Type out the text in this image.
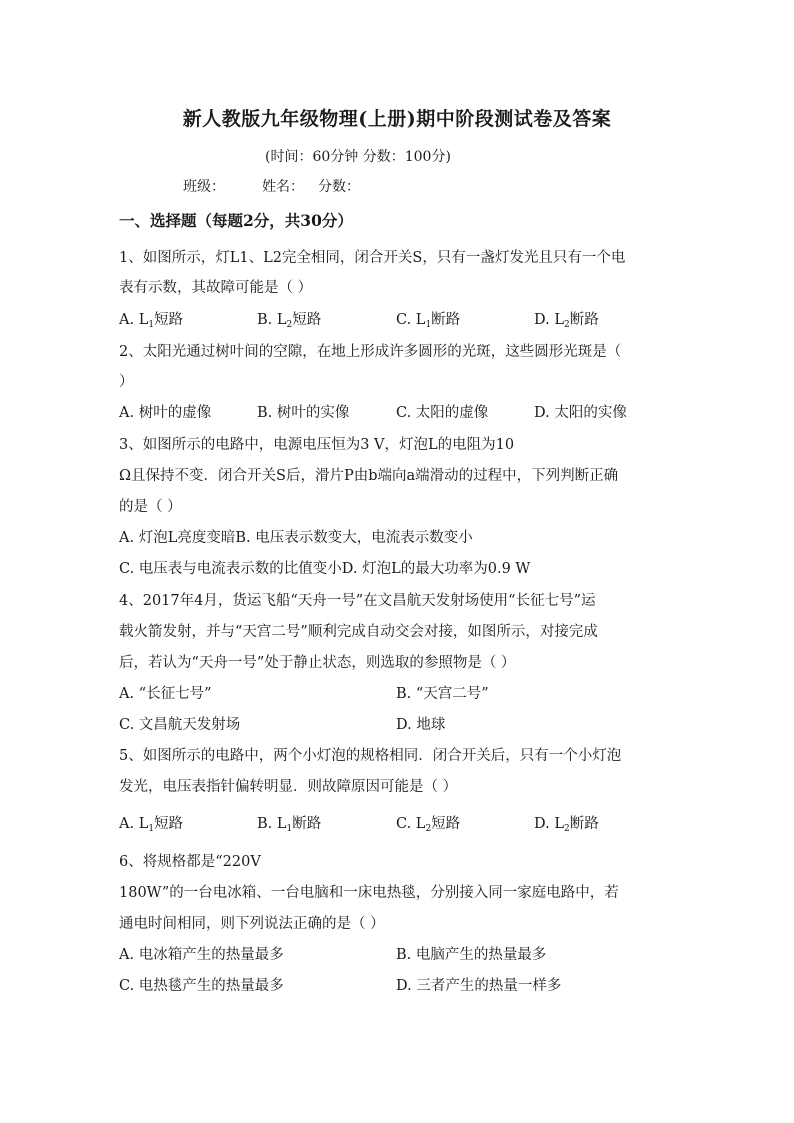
新人教版九年级物理(上册)期中阶段测试卷及答案
(时间：60分钟 分数：100分)
班级：	姓名： 分数：
一、选择题（每题2分，共30分）
1、如图所示，灯L1、L2完全相同，闭合开关S，只有一盏灯发光且只有一个电
表有示数，其故障可能是（ ）
A. $L_1$短路	B. $L_2$短路	C. $L_1$断路	D. $L_2$断路
2、太阳光通过树叶间的空隙，在地上形成许多圆形的光斑，这些圆形光斑是（
）
A. 树叶的虚像	B. 树叶的实像	C. 太阳的虚像	D. 太阳的实像
3、如图所示的电路中，电源电压恒为3 V，灯泡L的电阻为10
Ω且保持不变．闭合开关S后，滑片P由b端向a端滑动的过程中，下列判断正确
的是（ ）
A. 灯泡L亮度变暗B. 电压表示数变大，电流表示数变小
C. 电压表与电流表示数的比值变小D. 灯泡L的最大功率为0.9 W
4、2017年4月，货运飞船“天舟一号”在文昌航天发射场使用“长征七号”运
载火箭发射，并与“天宫二号”顺利完成自动交会对接，如图所示，对接完成
后，若认为“天舟一号”处于静止状态，则选取的参照物是（ ）
A. “长征七号”	B. “天宫二号”
C. 文昌航天发射场	D. 地球
5、如图所示的电路中，两个小灯泡的规格相同．闭合开关后，只有一个小灯泡
发光，电压表指针偏转明显．则故障原因可能是（ ）
A. $L_1$短路	B. $L_1$断路	C. $L_2$短路	D. $L_2$断路
6、将规格都是“220V
180W”的一台电冰箱、一台电脑和一床电热毯，分别接入同一家庭电路中，若
通电时间相同，则下列说法正确的是（ ）
A. 电冰箱产生的热量最多	B. 电脑产生的热量最多
C. 电热毯产生的热量最多	D. 三者产生的热量一样多
